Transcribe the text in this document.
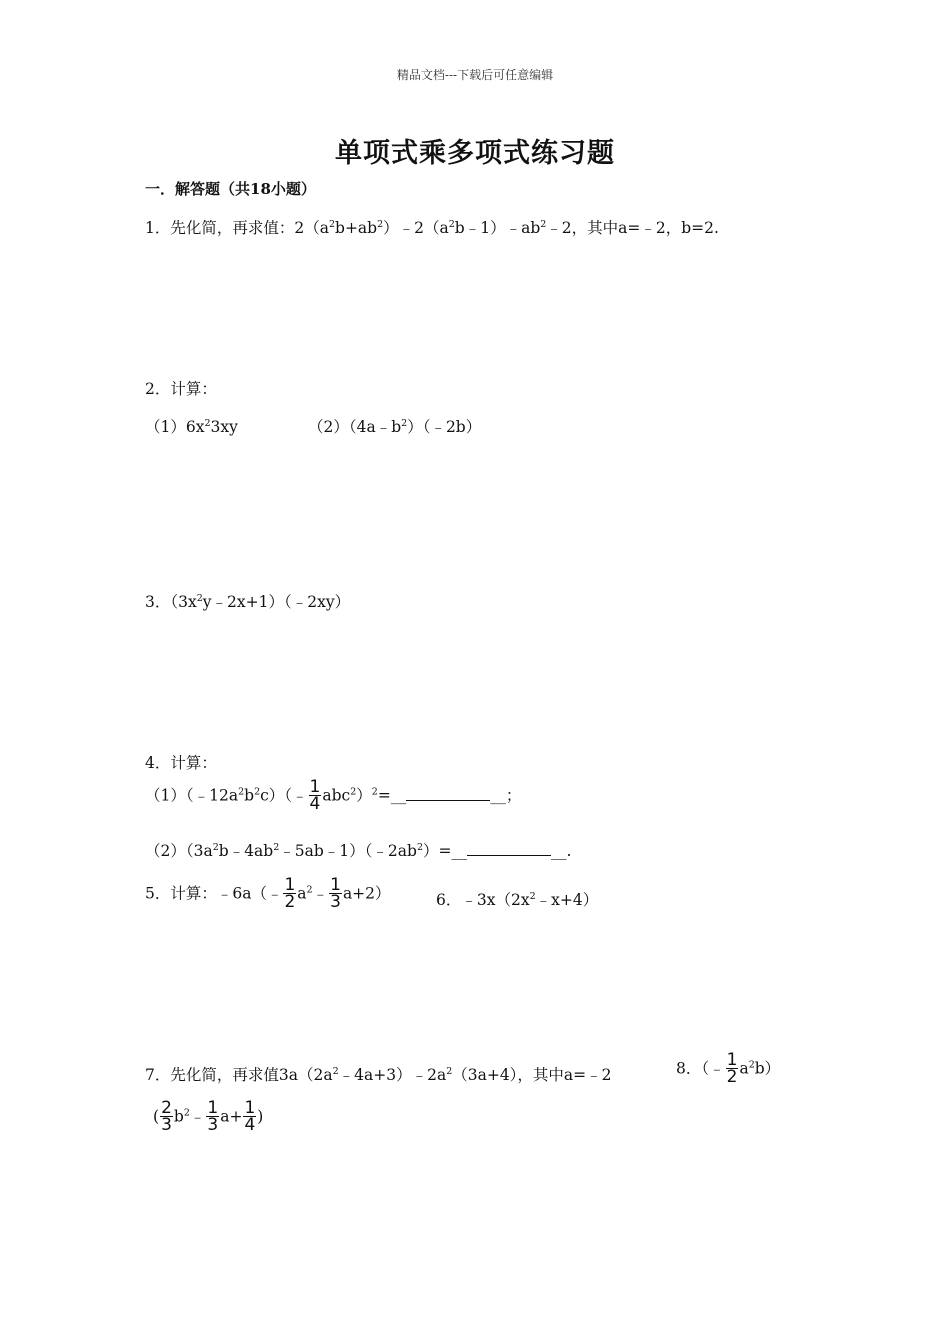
精品文档---下载后可任意编辑
单项式乘多项式练习题
一．解答题（共18小题）
1．先化简，再求值：$2(a^2b+ab^2)﹣2(a^2b﹣1)﹣ab^2﹣2$，其中a=﹣2，b=2.
2．计算：
$(1)6x^23xy$	$(2)(4a﹣b^2)(﹣2b)$
3．$(3x^2y﹣2x+1)(﹣2xy)$
4．计算：
$(1)(﹣12a^2b^2c)(﹣ \frac{1}{4}$ abc$^2$）$^2$=__	__；
$(2)(3a^2b﹣4ab^2﹣5ab﹣1)(﹣2ab^2)=\_\_$	__.
5．计算：﹣6a（﹣ $\frac{1}{2}$ $a^2﹣ \frac{1}{3} a+2$）	6．$﹣3x(2x^2﹣x+4)$
7．先化简，再求值$3a(2a^2﹣4a+3)﹣2a^2(3a+4)$，其中a=﹣2	8．（﹣ $\frac{1}{2} a^2b$）
( $\frac{2}{3}$ $b^2﹣ \frac{1}{3} a+ \frac{1}{4}$ )
